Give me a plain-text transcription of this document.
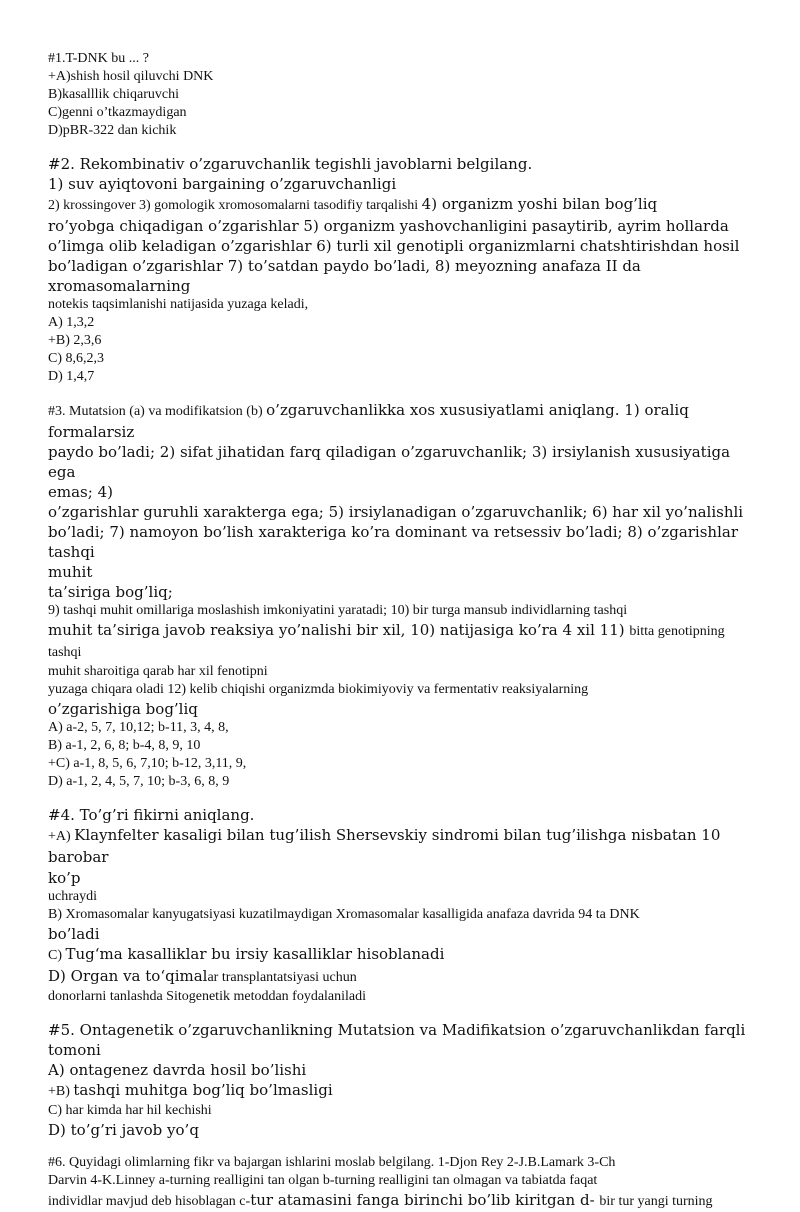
#1.T-DNK bu ... ?
+A)shish hosil qiluvchi DNK
B)kasalllik chiqaruvchi
C)genni o’tkazmaydigan
D)pBR-322 dan kichik
#2. Rekombinativ o’zgaruvchanlik tegishli javoblarni belgilang.
1) suv ayiqtovoni bargaining o’zgaruvchanligi
2) krossingover 3) gomologik xromosomalarni tasodifiy tarqalishi 4) organizm yoshi bilan bog’liq
ro’yobga chiqadigan o’zgarishlar 5) organizm yashovchanligini pasaytirib, ayrim hollarda
o’limga olib keladigan o’zgarishlar 6) turli xil genotipli organizmlarni chatshtirishdan hosil
bo’ladigan o’zgarishlar 7) to’satdan paydo bo’ladi, 8) meyozning anafaza II da xromasomalarning
notekis taqsimlanishi natijasida yuzaga keladi,
A) 1,3,2
+B) 2,3,6
C) 8,6,2,3
D) 1,4,7
#3. Mutatsion (a) va modifikatsion (b) o’zgaruvchanlikka xos xususiyatlami aniqlang. 1) oraliq
formalarsiz
paydo bo’ladi; 2) sifat jihatidan farq qiladigan o’zgaruvchanlik; 3) irsiylanish xususiyatiga ega
emas; 4)
o’zgarishlar guruhli xarakterga ega; 5) irsiylanadigan o’zgaruvchanlik; 6) har xil yo’nalishli
bo’ladi; 7) namoyon bo’lish xarakteriga ko’ra dominant va retsessiv bo’ladi; 8) o’zgarishlar tashqi
muhit
ta’siriga bog’liq;
9) tashqi muhit omillariga moslashish imkoniyatini yaratadi; 10) bir turga mansub individlarning tashqi
muhit ta’siriga javob reaksiya yo’nalishi bir xil, 10) natijasiga ko’ra 4 xil 11) bitta genotipning tashqi
muhit sharoitiga qarab har xil fenotipni
yuzaga chiqara oladi 12) kelib chiqishi organizmda biokimiyoviy va fermentativ reaksiyalarning
o’zgarishiga bog’liq
A) a-2, 5, 7, 10,12; b-11, 3, 4, 8,
B) a-1, 2, 6, 8; b-4, 8, 9, 10
+C) a-1, 8, 5, 6, 7,10; b-12, 3,11, 9,
D) a-1, 2, 4, 5, 7, 10; b-3, 6, 8, 9
#4. To’g’ri fikirni aniqlang.
+A) Klaynfelter kasaligi bilan tug’ilish Shersevskiy sindromi bilan tug’ilishga nisbatan 10 barobar
ko’p
uchraydi
B) Xromasomalar kanyugatsiyasi kuzatilmaydigan Xromasomalar kasalligida anafaza davrida 94 ta DNK
bo’ladi
C) Tug‘ma kasalliklar bu irsiy kasalliklar hisoblanadi
D) Organ va to‘qimalar transplantatsiyasi uchun
donorlarni tanlashda Sitogenetik metoddan foydalaniladi
#5. Ontagenetik o’zgaruvchanlikning Mutatsion va Madifikatsion o’zgaruvchanlikdan farqli tomoni
A) ontagenez davrda hosil bo’lishi
+B) tashqi muhitga bog’liq bo’lmasligi
C) har kimda har hil kechishi
D) to’g’ri javob yo’q
#6. Quyidagi olimlarning fikr va bajargan ishlarini moslab belgilang. 1-Djon Rey 2-J.B.Lamark 3-Ch
Darvin 4-K.Linney a-turning realligini tan olgan b-turning realligini tan olmagan va tabiatda faqat
individlar mavjud deb hisoblagan c-tur atamasini fanga birinchi bo’lib kiritgan d- bir tur yangi turning
